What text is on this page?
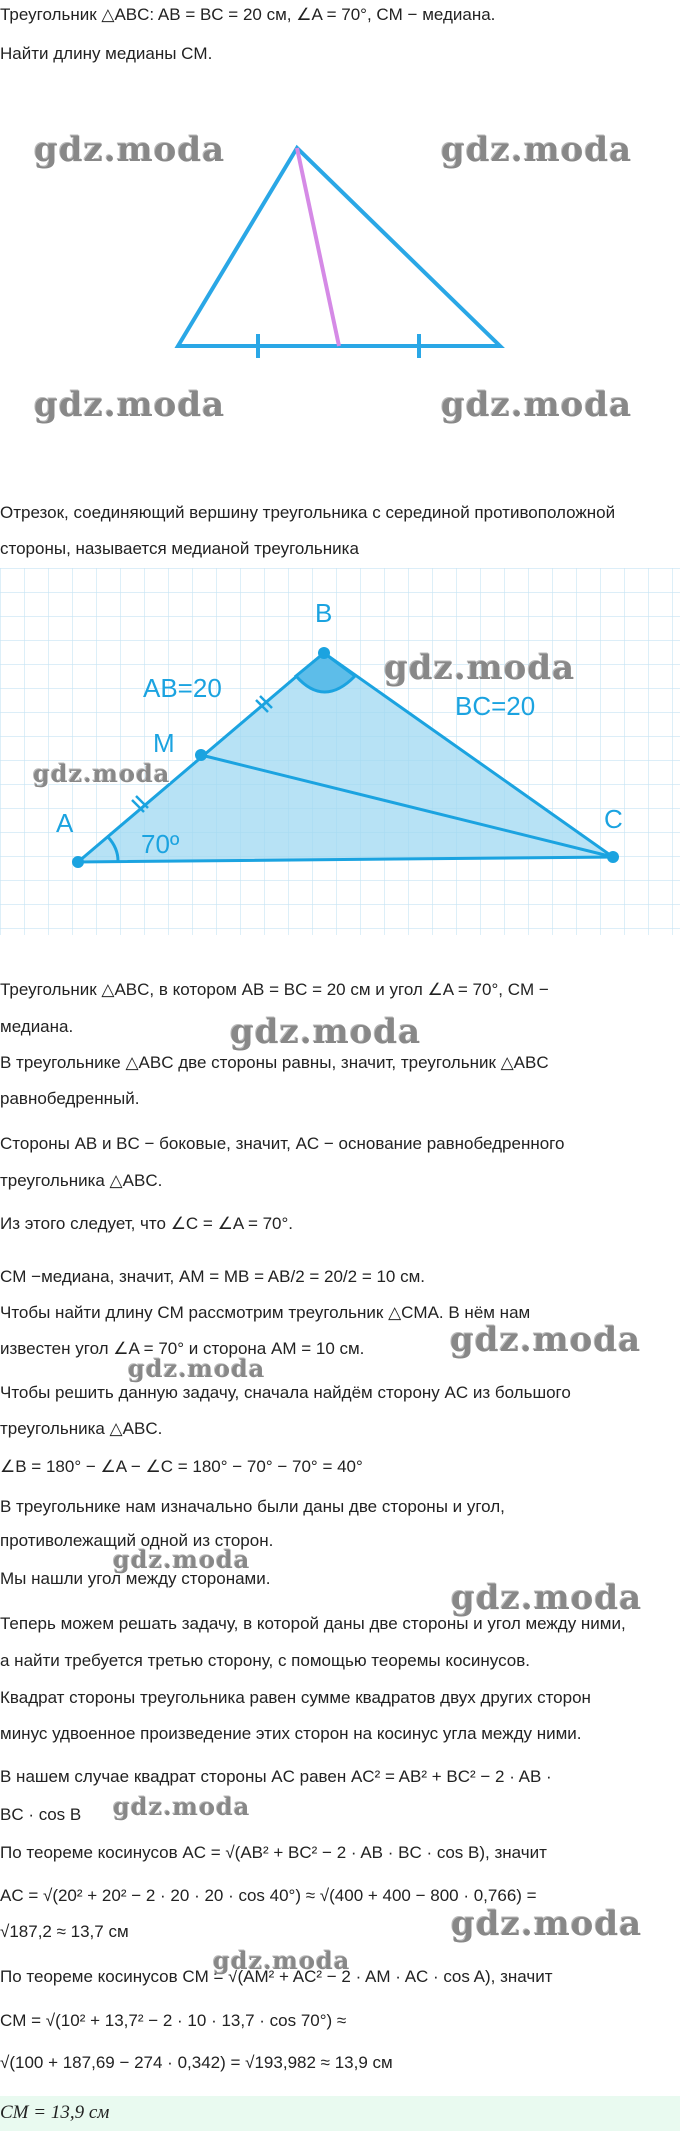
Треугольник △ABC: AB = BC = 20 см, ∠A = 70°, CM − медиана.
Найти длину медианы CM.
gdz.moda	gdz.moda
gdz.moda	gdz.moda
Отрезок, соединяющий вершину треугольника с серединой противоположной
стороны, называется медианой треугольника
B
M
A	C
AB=20
BC=20
70º
gdz.moda
gdz.moda
Треугольник △ABC, в котором AB = BC = 20 см и угол ∠A = 70°, CM −
медиана.	gdz.moda
В треугольнике △ABC две стороны равны, значит, треугольник △ABC
равнобедренный.
Стороны AB и BC − боковые, значит, AC − основание равнобедренного
треугольника △ABC.
Из этого следует, что ∠C = ∠A = 70°.
CM −медиана, значит, AM = MB = AB/2 = 20/2 = 10 см.
Чтобы найти длину CM рассмотрим треугольник △CMA. В нём нам
известен угол ∠A = 70° и сторона AM = 10 см.	gdz.moda
gdz.moda
Чтобы решить данную задачу, сначала найдём сторону AC из большого
треугольника △ABC.
∠B = 180° − ∠A − ∠C = 180° − 70° − 70° = 40°
В треугольнике нам изначально были даны две стороны и угол,
противолежащий одной из сторон.
gdz.moda
Мы нашли угол между сторонами.	gdz.moda
Теперь можем решать задачу, в которой даны две стороны и угол между ними,
а найти требуется третью сторону, с помощью теоремы косинусов.
Квадрат стороны треугольника равен сумме квадратов двух других сторон
минус удвоенное произведение этих сторон на косинус угла между ними.
В нашем случае квадрат стороны AC равен AC² = AB² + BC² − 2 · AB ·
BC · cos B gdz.moda
По теореме косинусов AC = √(AB² + BC² − 2 · AB · BC · cos B), значит
AC = √(20² + 20² − 2 · 20 · 20 · cos 40°) ≈ √(400 + 400 − 800 · 0,766) =
√187,2 ≈ 13,7 см	gdz.moda
По теореме косинусов CM = √(AM² + AC² − 2 · AM · AC · cos A), значит
gdz.moda
CM = √(10² + 13,7² − 2 · 10 · 13,7 · cos 70°) ≈
√(100 + 187,69 − 274 · 0,342) = √193,982 ≈ 13,9 см
CM = 13,9 см
